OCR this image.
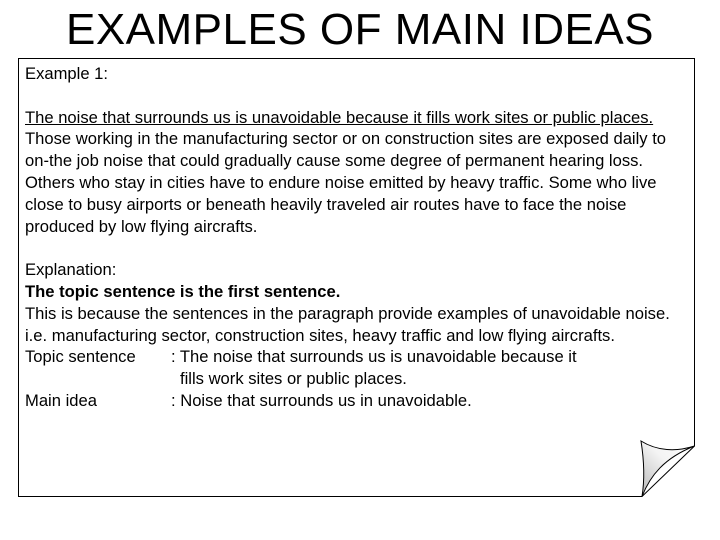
EXAMPLES OF MAIN IDEAS

Example 1:

The noise that surrounds us is unavoidable because it fills work sites or public places. Those working in the manufacturing sector or on construction sites are exposed daily to on-the job noise that could gradually cause some degree of permanent hearing loss. Others who stay in cities have to endure noise emitted by heavy traffic. Some who live close to busy airports or beneath heavily traveled air routes have to face the noise produced by low flying aircrafts.

Explanation:

The topic sentence is the first sentence.

This is because the sentences in the paragraph provide examples of unavoidable noise. i.e. manufacturing sector, construction sites, heavy traffic and low flying aircrafts.

Topic sentence : The noise that surrounds us is unavoidable because it
fills work sites or public places.
Main idea	: Noise that surrounds us in unavoidable.
